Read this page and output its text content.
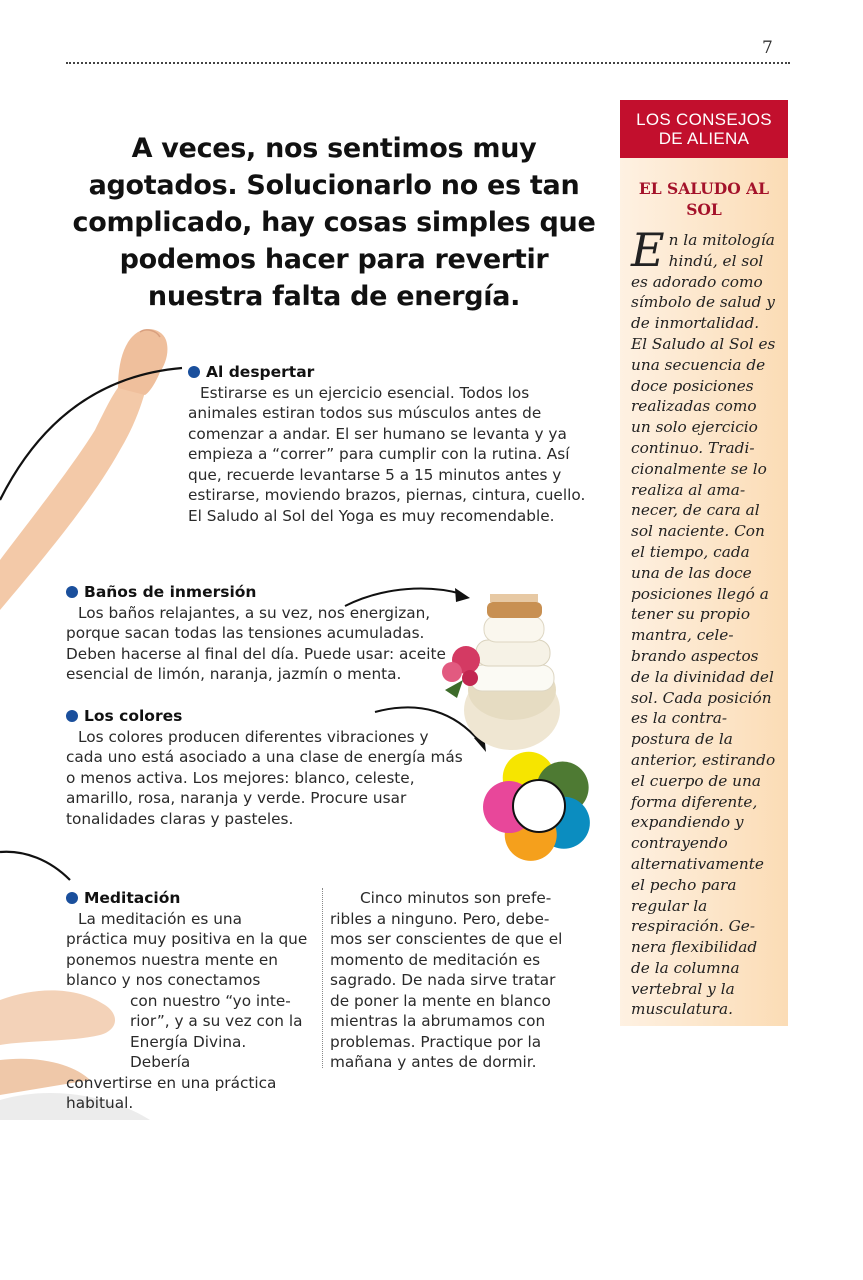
7
A veces, nos sentimos muy agotados. Solucionarlo no es tan complicado, hay cosas simples que podemos hacer para revertir nuestra falta de energía.
Al despertar

Estirarse es un ejercicio esencial. Todos los animales estiran todos sus músculos antes de comenzar a andar. El ser humano se levanta y ya empieza a “correr” para cumplir con la rutina. Así que, recuerde levantarse 5 a 15 minutos antes y estirarse, moviendo brazos, piernas, cintura, cuello. El Saludo al Sol del Yoga es muy recomendable.

Baños de inmersión

Los baños relajantes, a su vez, nos energizan, porque sacan todas las tensiones acumuladas. Deben hacerse al final del día. Puede usar: aceite esencial de limón, naranja, jazmín o menta.

Los colores

Los colores producen diferentes vibraciones y cada uno está asociado a una clase de energía más o menos activa. Los mejores: blanco, celeste, amarillo, rosa, naranja y verde. Procure usar tonalidades claras y pasteles.

Meditación

La meditación es una práctica muy positiva en la que ponemos nuestra mente en blanco y nos conectamos

con nuestro “yo interior”, y a su vez con la Energía Divina. Debería
convertirse en una práctica habitual.

Cinco minutos son preferibles a ninguno. Pero, debemos ser conscientes de que el momento de meditación es sagrado. De nada sirve tratar de poner la mente en blanco mientras la abrumamos con problemas. Practique por la mañana y antes de dormir.

LOS CONSEJOS DE ALIENA
EL SALUDO AL SOL
En la mitología hindú, el sol es adorado como símbolo de salud y de inmortalidad. El Saludo al Sol es una secuencia de doce posiciones realizadas como un solo ejercicio continuo. Tradicionalmente se lo realiza al amanecer, de cara al sol naciente. Con el tiempo, cada una de las doce posiciones llegó a tener su propio mantra, celebrando aspectos de la divinidad del sol. Cada posición es la contra-postura de la anterior, estirando el cuerpo de una forma diferente, expandiendo y contrayendo alternativamente el pecho para regular la respiración. Genera flexibilidad de la columna vertebral y la musculatura.
